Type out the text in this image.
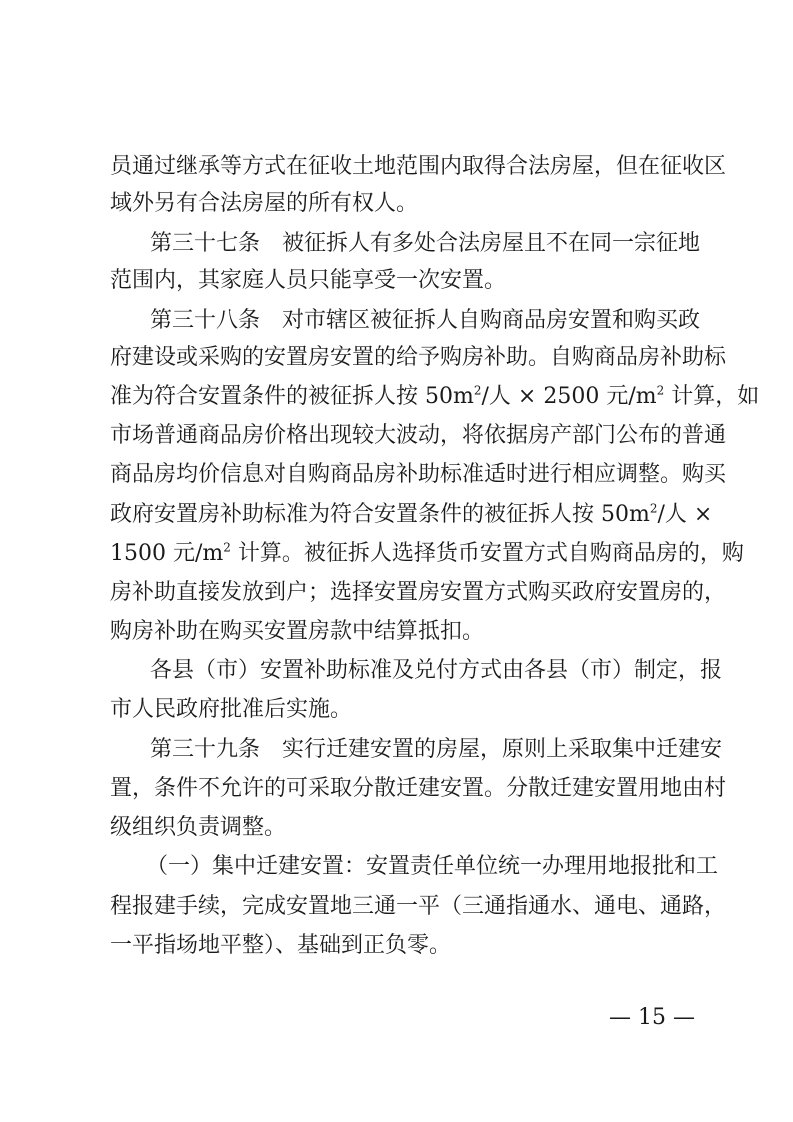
员通过继承等方式在征收土地范围内取得合法房屋，但在征收区
域外另有合法房屋的所有权人。
第三十七条　被征拆人有多处合法房屋且不在同一宗征地
范围内，其家庭人员只能享受一次安置。
第三十八条　对市辖区被征拆人自购商品房安置和购买政
府建设或采购的安置房安置的给予购房补助。自购商品房补助标
准为符合安置条件的被征拆人按 $50m^2/$人 × 2500 元$/m^2$ 计算，如
市场普通商品房价格出现较大波动，将依据房产部门公布的普通
商品房均价信息对自购商品房补助标准适时进行相应调整。购买
政府安置房补助标准为符合安置条件的被征拆人按 $50m^2/$人 ×
1500 元$/m^2$ 计算。被征拆人选择货币安置方式自购商品房的，购
房补助直接发放到户；选择安置房安置方式购买政府安置房的，
购房补助在购买安置房款中结算抵扣。
各县（市）安置补助标准及兑付方式由各县（市）制定，报
市人民政府批准后实施。
第三十九条　实行迁建安置的房屋，原则上采取集中迁建安
置，条件不允许的可采取分散迁建安置。分散迁建安置用地由村
级组织负责调整。
（一）集中迁建安置：安置责任单位统一办理用地报批和工
程报建手续，完成安置地三通一平（三通指通水、通电、通路，
一平指场地平整）、基础到正负零。
— 15 —
